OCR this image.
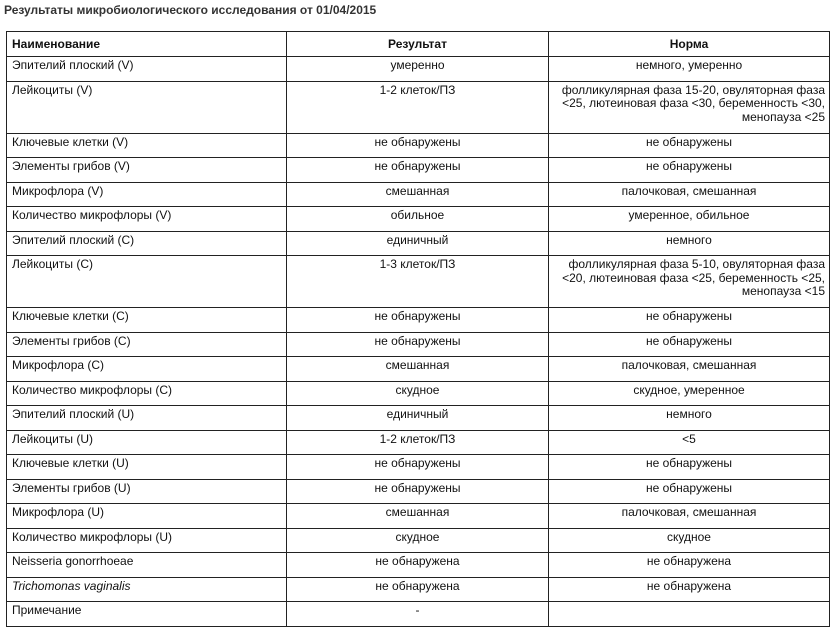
Результаты микробиологического исследования от 01/04/2015
Наименование	Результат	Норма
Эпителий плоский (V)	умеренно	немного, умеренно
Лейкоциты (V)	1-2 клеток/ПЗ	фолликулярная фаза 15-20, овуляторная фаза <25, лютеиновая фаза <30, беременность <30, менопауза <25
Ключевые клетки (V)	не обнаружены	не обнаружены
Элементы грибов (V)	не обнаружены	не обнаружены
Микрофлора (V)	смешанная	палочковая, смешанная
Количество микрофлоры (V)	обильное	умеренное, обильное
Эпителий плоский (С)	единичный	немного
Лейкоциты (С)	1-3 клеток/ПЗ	фолликулярная фаза 5-10, овуляторная фаза <20, лютеиновая фаза <25, беременность <25, менопауза <15
Ключевые клетки (С)	не обнаружены	не обнаружены
Элементы грибов (С)	не обнаружены	не обнаружены
Микрофлора (С)	смешанная	палочковая, смешанная
Количество микрофлоры (С)	скудное	скудное, умеренное
Эпителий плоский (U)	единичный	немного
Лейкоциты (U)	1-2 клеток/ПЗ	<5
Ключевые клетки (U)	не обнаружены	не обнаружены
Элементы грибов (U)	не обнаружены	не обнаружены
Микрофлора (U)	смешанная	палочковая, смешанная
Количество микрофлоры (U)	скудное	скудное
Neisseria gonorrhoeae	не обнаружена	не обнаружена
Trichomonas vaginalis	не обнаружена	не обнаружена
Примечание	-	
